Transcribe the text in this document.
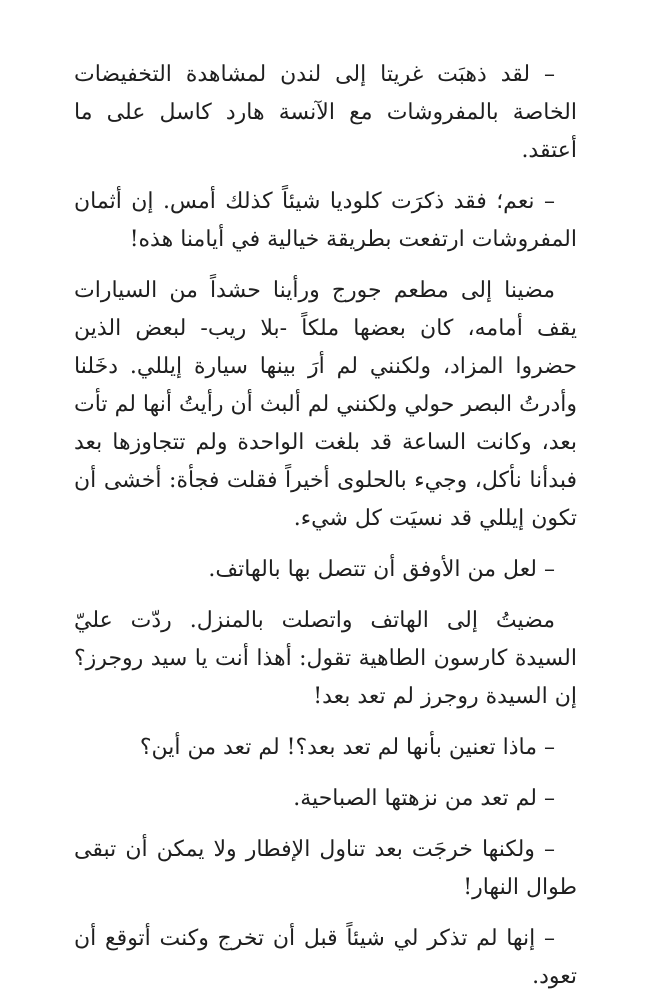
– لقد ذهبَت غريتا إلى لندن لمشاهدة التخفيضات الخاصة بالمفروشات مع الآنسة هارد كاسل على ما أعتقد.

– نعم؛ فقد ذكرَت كلوديا شيئاً كذلك أمس. إن أثمان المفروشات ارتفعت بطريقة خيالية في أيامنا هذه!

مضينا إلى مطعم جورج ورأينا حشداً من السيارات يقف أمامه، كان بعضها ملكاً -بلا ريب- لبعض الذين حضروا المزاد، ولكنني لم أرَ بينها سيارة إيللي. دخَلنا وأدرتُ البصر حولي ولكنني لم ألبث أن رأيتُ أنها لم تأت بعد، وكانت الساعة قد بلغت الواحدة ولم تتجاوزها بعد فبدأنا نأكل، وجيء بالحلوى أخيراً فقلت فجأة: أخشى أن تكون إيللي قد نسيَت كل شيء.

– لعل من الأوفق أن تتصل بها بالهاتف.

مضيتُ إلى الهاتف واتصلت بالمنزل. ردّت عليّ السيدة كارسون الطاهية تقول: أهذا أنت يا سيد روجرز؟ إن السيدة روجرز لم تعد بعد!

– ماذا تعنين بأنها لم تعد بعد؟! لم تعد من أين؟

– لم تعد من نزهتها الصباحية.

– ولكنها خرجَت بعد تناول الإفطار ولا يمكن أن تبقى طوال النهار!

– إنها لم تذكر لي شيئاً قبل أن تخرج وكنت أتوقع أن تعود.
